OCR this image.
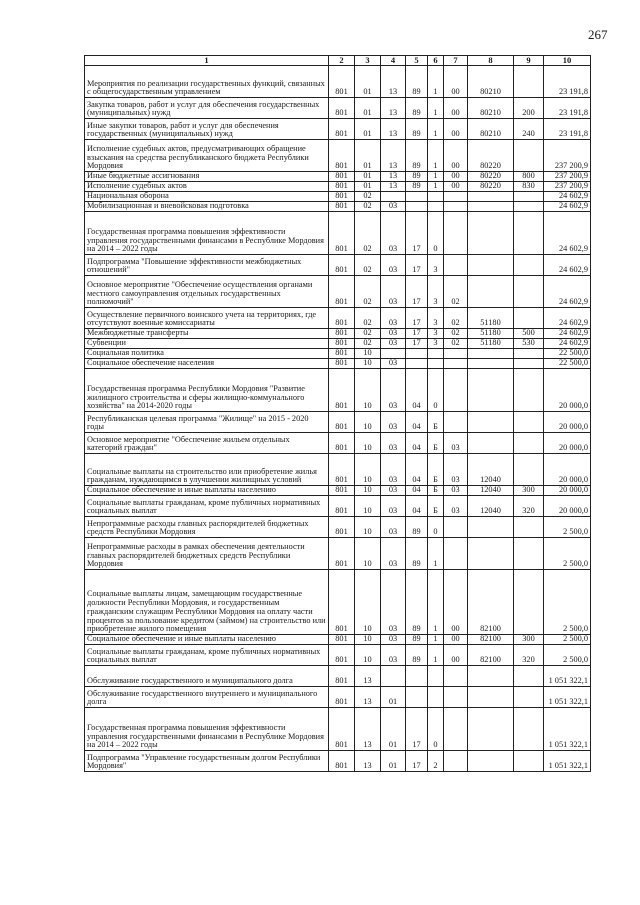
267
1	2	3	4	5	6	7	8	9	10
Мероприятия по реализации государственных функций, связанных с общегосударственным управлением	801	01	13	89	1	00	80210		23 191,8
Закупка товаров, работ и услуг для обеспечения государственных (муниципальных) нужд	801	01	13	89	1	00	80210	200	23 191,8
Иные закупки товаров, работ и услуг для обеспечения государственных (муниципальных) нужд	801	01	13	89	1	00	80210	240	23 191,8
Исполнение судебных актов, предусматривающих обращение взыскания на средства республиканского бюджета Республики Мордовия	801	01	13	89	1	00	80220		237 200,9
Иные бюджетные ассигнования	801	01	13	89	1	00	80220	800	237 200,9
Исполнение судебных актов	801	01	13	89	1	00	80220	830	237 200,9
Национальная оборона	801	02							24 602,9
Мобилизационная и вневойсковая подготовка	801	02	03						24 602,9
Государственная программа повышения эффективности управления государственными финансами в Республике Мордовия на 2014 – 2022 годы	801	02	03	17	0				24 602,9
Подпрограмма "Повышение эффективности межбюджетных отношений"	801	02	03	17	3				24 602,9
Основное мероприятие "Обеспечение осуществления органами местного самоуправления отдельных государственных полномочий"	801	02	03	17	3	02			24 602,9
Осуществление первичного воинского учета на территориях, где отсутствуют военные комиссариаты	801	02	03	17	3	02	51180		24 602,9
Межбюджетные трансферты	801	02	03	17	3	02	51180	500	24 602,9
Субвенции	801	02	03	17	3	02	51180	530	24 602,9
Социальная политика	801	10							22 500,0
Социальное обеспечение населения	801	10	03						22 500,0
Государственная программа Республики Мордовия "Развитие жилищного строительства и сферы жилищно-коммунального хозяйства" на 2014-2020 годы	801	10	03	04	0				20 000,0
Республиканская целевая программа "Жилище" на 2015 - 2020 годы	801	10	03	04	Б				20 000,0
Основное мероприятие "Обеспечение жильем отдельных категорий граждан"	801	10	03	04	Б	03			20 000,0
Социальные выплаты на строительство или приобретение жилья гражданам, нуждающимся в улучшении жилищных условий	801	10	03	04	Б	03	12040		20 000,0
Социальное обеспечение и иные выплаты населению	801	10	03	04	Б	03	12040	300	20 000,0
Социальные выплаты гражданам, кроме публичных нормативных социальных выплат	801	10	03	04	Б	03	12040	320	20 000,0
Непрограммные расходы главных распорядителей бюджетных средств Республики Мордовия	801	10	03	89	0				2 500,0
Непрограммные расходы в рамках обеспечения деятельности главных распорядителей бюджетных средств Республики Мордовия	801	10	03	89	1				2 500,0
Социальные выплаты лицам, замещающим государственные должности Республики Мордовия, и государственным гражданским служащим Республики Мордовия на оплату части процентов за пользование кредитом (займом) на строительство или приобретение жилого помещения	801	10	03	89	1	00	82100		2 500,0
Социальное обеспечение и иные выплаты населению	801	10	03	89	1	00	82100	300	2 500,0
Социальные выплаты гражданам, кроме публичных нормативных социальных выплат	801	10	03	89	1	00	82100	320	2 500,0
Обслуживание государственного и муниципального долга	801	13							1 051 322,1
Обслуживание государственного внутреннего и муниципального долга	801	13	01						1 051 322,1
Государственная программа повышения эффективности управления государственными финансами в Республике Мордовия на 2014 – 2022 годы	801	13	01	17	0				1 051 322,1
Подпрограмма "Управление государственным долгом Республики Мордовия"	801	13	01	17	2				1 051 322,1
